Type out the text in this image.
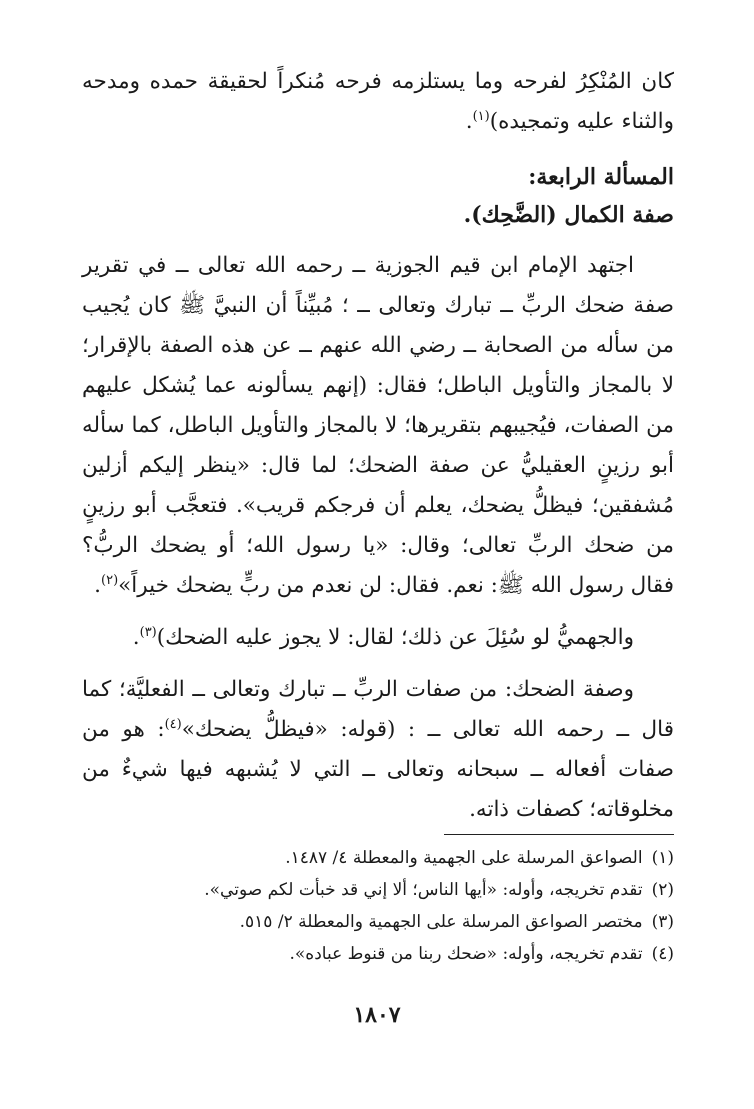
كان المُنْكِرُ لفرحه وما يستلزمه فرحه مُنكراً لحقيقة حمده ومدحه والثناء عليه وتمجيده)$^{(١)}$.

المسألة الرابعة:

صفة الكمال (الضَّحِك).

اجتهد الإمام ابن قيم الجوزية ــ رحمه الله تعالى ــ في تقرير صفة ضحك الربِّ ــ تبارك وتعالى ــ ؛ مُبيِّناً أن النبيَّ ﷺ كان يُجيب من سأله من الصحابة ــ رضي الله عنهم ــ عن هذه الصفة بالإقرار؛ لا بالمجاز والتأويل الباطل؛ فقال: (إنهم يسألونه عما يُشكل عليهم من الصفات، فيُجيبهم بتقريرها؛ لا بالمجاز والتأويل الباطل، كما سأله أبو رزينٍ العقيليُّ عن صفة الضحك؛ لما قال: «ينظر إليكم أزلين مُشفقين؛ فيظلُّ يضحك، يعلم أن فرجكم قريب». فتعجَّب أبو رزينٍ من ضحك الربِّ تعالى؛ وقال: «يا رسول الله؛ أو يضحك الربُّ؟ فقال رسول الله ﷺ: نعم. فقال: لن نعدم من ربٍّ يضحك خيراً»$^{(٢)}$.

والجهميُّ لو سُئِلَ عن ذلك؛ لقال: لا يجوز عليه الضحك)$^{(٣)}$.

وصفة الضحك: من صفات الربِّ ــ تبارك وتعالى ــ الفعليَّة؛ كما قال ــ رحمه الله تعالى ــ : (قوله: «فيظلُّ يضحك»$^{(٤)}$: هو من صفات أفعاله ــ سبحانه وتعالى ــ التي لا يُشبهه فيها شيءٌ من مخلوقاته؛ كصفات ذاته.

(١) الصواعق المرسلة على الجهمية والمعطلة ٤/ ١٤٨٧.

(٢) تقدم تخريجه، وأوله: «أيها الناس؛ ألا إني قد خبأت لكم صوتي».

(٣) مختصر الصواعق المرسلة على الجهمية والمعطلة ٢/ ٥١٥.

(٤) تقدم تخريجه، وأوله: «ضحك ربنا من قنوط عباده».

١٨٠٧
